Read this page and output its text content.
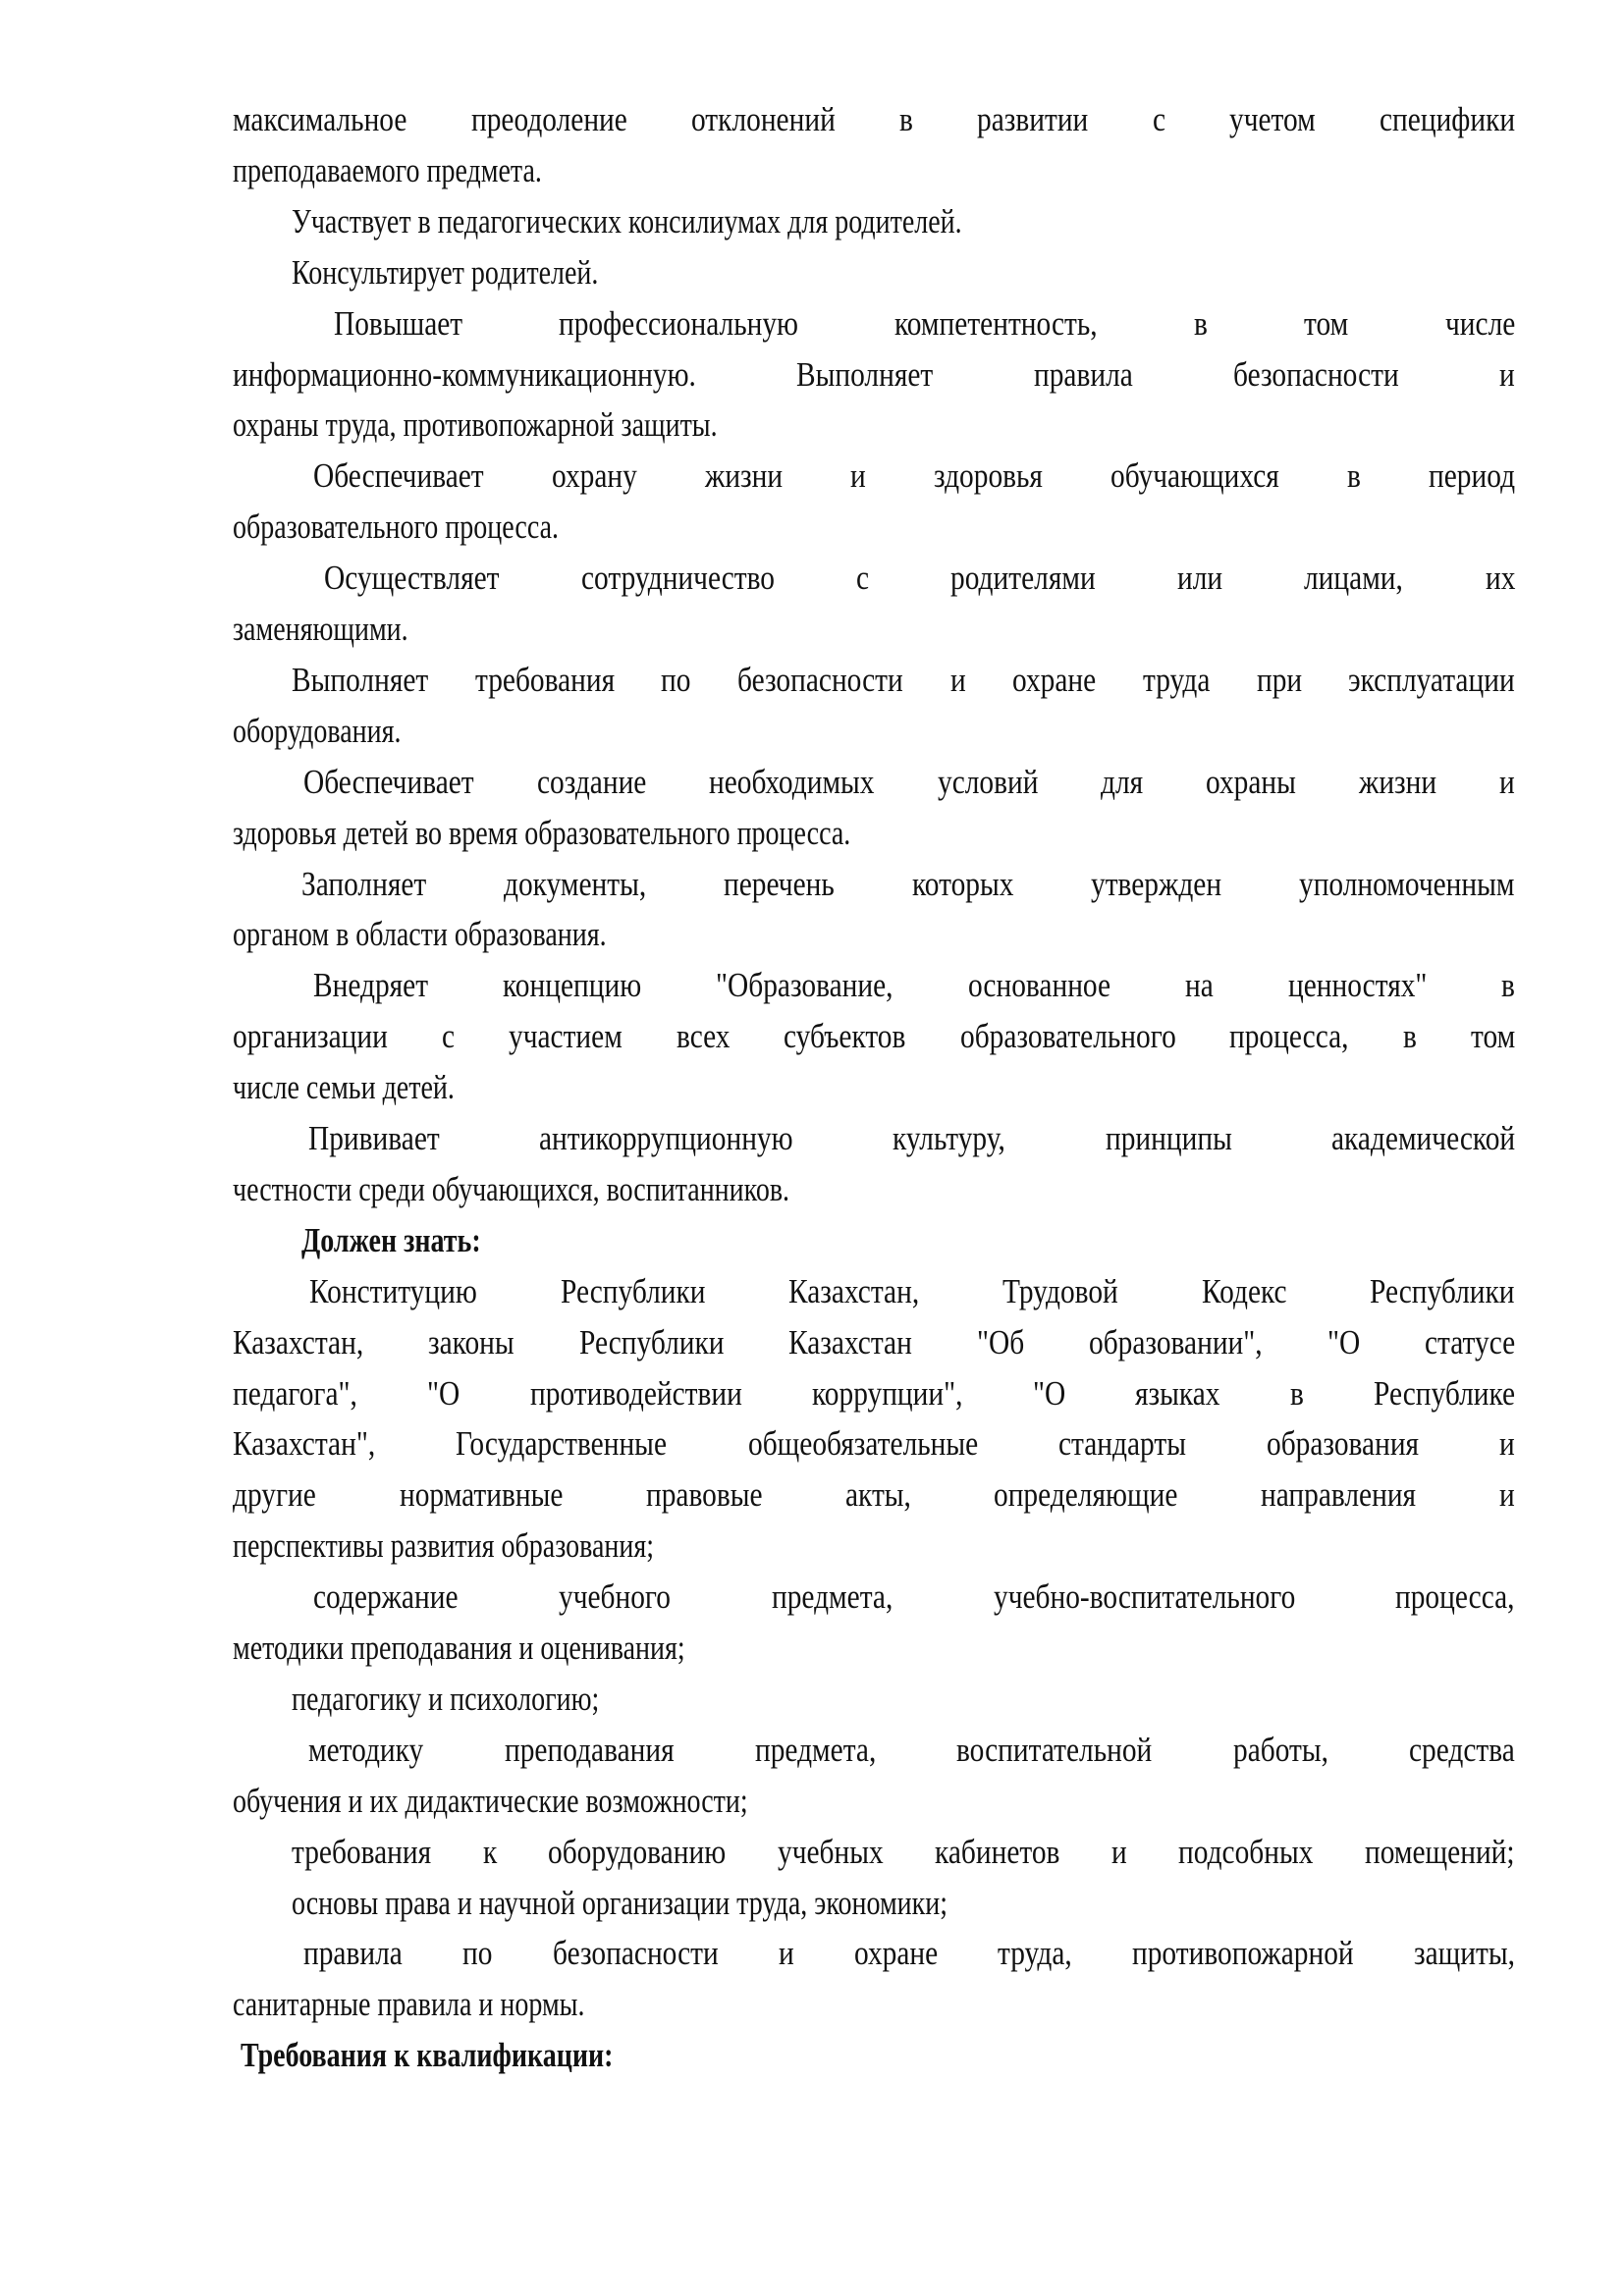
максимальное преодоление отклонений в развитии с учетом специфики
преподаваемого предмета.
Участвует в педагогических консилиумах для родителей.
Консультирует родителей.
Повышает	профессиональную	компетентность,	в	том	числе
информационно-коммуникационную.	Выполняет	правила	безопасности	и
охраны труда, противопожарной защиты.
Обеспечивает охрану жизни и здоровья обучающихся в период
образовательного процесса.
Осуществляет сотрудничество с родителями или лицами, их
заменяющими.
Выполняет требования по безопасности и охране труда при эксплуатации
оборудования.
Обеспечивает создание необходимых условий для охраны жизни и
здоровья детей во время образовательного процесса.
Заполняет документы, перечень которых утвержден уполномоченным
органом в области образования.
Внедряет концепцию "Образование, основанное на ценностях" в
организации с участием всех субъектов образовательного процесса, в том
числе семьи детей.
Прививает	антикоррупционную	культуру,	принципы	академической
честности среди обучающихся, воспитанников.
Должен знать:
Конституцию Республики Казахстан, Трудовой Кодекс Республики
Казахстан, законы Республики Казахстан "Об образовании", "О статусе
педагога", "О противодействии коррупции", "О языках в Республике
Казахстан", Государственные общеобязательные стандарты образования и
другие нормативные правовые акты, определяющие направления и
перспективы развития образования;
содержание	учебного	предмета,	учебно-воспитательного	процесса,
методики преподавания и оценивания;
педагогику и психологию;
методику преподавания предмета, воспитательной работы, средства
обучения и их дидактические возможности;
требования к оборудованию учебных кабинетов и подсобных помещений;
основы права и научной организации труда, экономики;
правила по безопасности и охране труда, противопожарной защиты,
санитарные правила и нормы.
Требования к квалификации:
